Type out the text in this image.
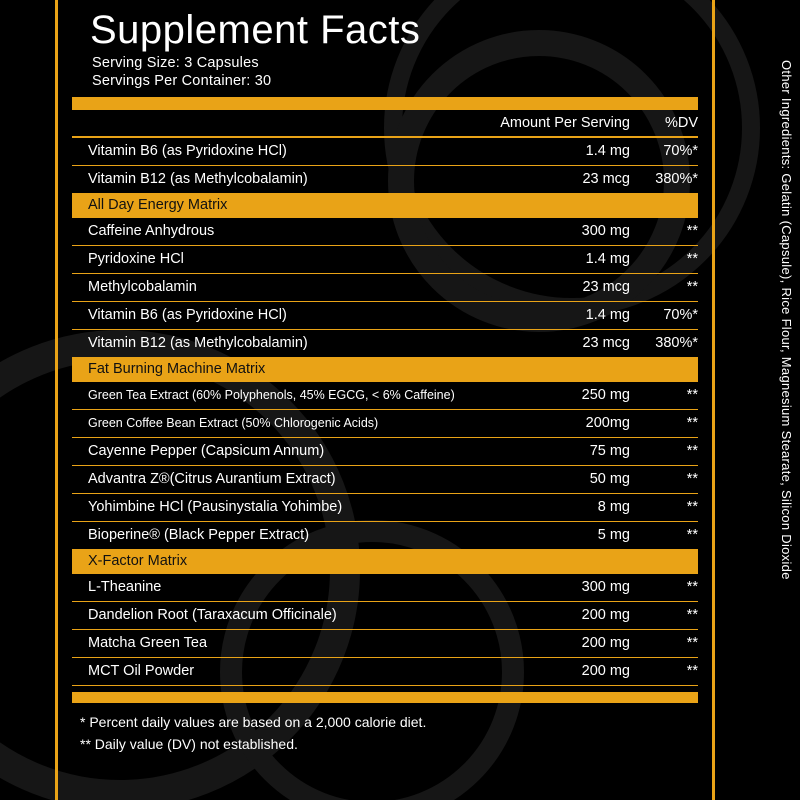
Supplement Facts
Serving Size: 3 Capsules
Servings Per Container: 30
Amount Per Serving	%DV
Vitamin B6 (as Pyridoxine HCl)	1.4 mg	70%*
Vitamin B12 (as Methylcobalamin)	23 mcg	380%*
All Day Energy Matrix
Caffeine Anhydrous	300 mg	**
Pyridoxine HCl	1.4 mg	**
Methylcobalamin	23 mcg	**
Vitamin B6 (as Pyridoxine HCl)	1.4 mg	70%*
Vitamin B12 (as Methylcobalamin)	23 mcg	380%*
Fat Burning Machine Matrix
Green Tea Extract (60% Polyphenols, 45% EGCG, < 6% Caffeine)	250 mg	**
Green Coffee Bean Extract (50% Chlorogenic Acids)	200mg	**
Cayenne Pepper (Capsicum Annum)	75 mg	**
Advantra Z®(Citrus Aurantium Extract)	50 mg	**
Yohimbine HCl (Pausinystalia Yohimbe)	8 mg	**
Bioperine® (Black Pepper Extract)	5 mg	**
X-Factor Matrix
L-Theanine	300 mg	**
Dandelion Root (Taraxacum Officinale)	200 mg	**
Matcha Green Tea	200 mg	**
MCT Oil Powder	200 mg	**
* Percent daily values are based on a 2,000 calorie diet.
** Daily value (DV) not established.
Other Ingredients: Gelatin (Capsule), Rice Flour, Magnesium Stearate, Silicon Dioxide
